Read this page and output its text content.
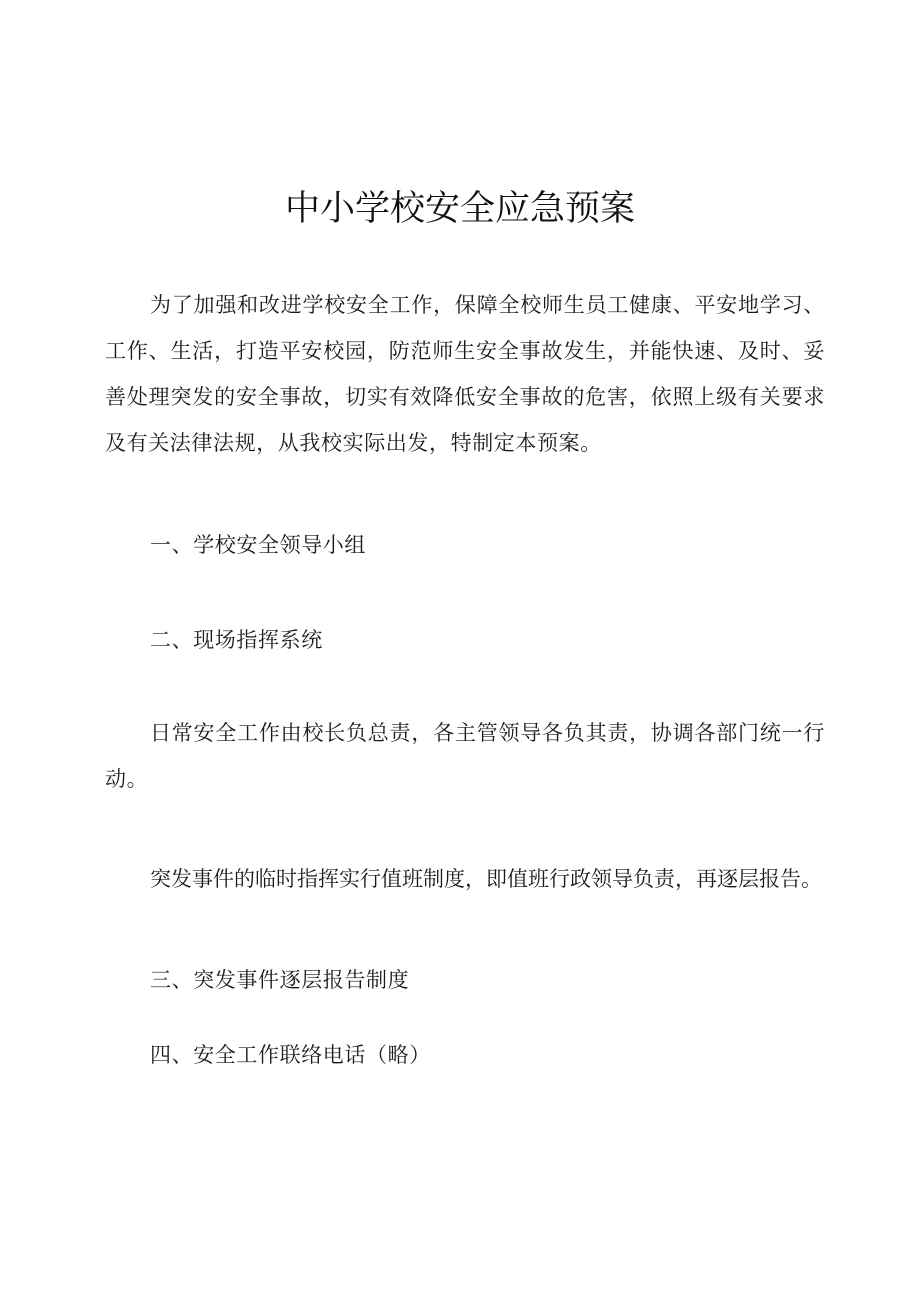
中小学校安全应急预案

为了加强和改进学校安全工作，保障全校师生员工健康、平安地学习、工作、生活，打造平安校园，防范师生安全事故发生，并能快速、及时、妥善处理突发的安全事故，切实有效降低安全事故的危害，依照上级有关要求及有关法律法规，从我校实际出发，特制定本预案。

一、学校安全领导小组

二、现场指挥系统

日常安全工作由校长负总责，各主管领导各负其责，协调各部门统一行动。

突发事件的临时指挥实行值班制度，即值班行政领导负责，再逐层报告。

三、突发事件逐层报告制度

四、安全工作联络电话（略）
